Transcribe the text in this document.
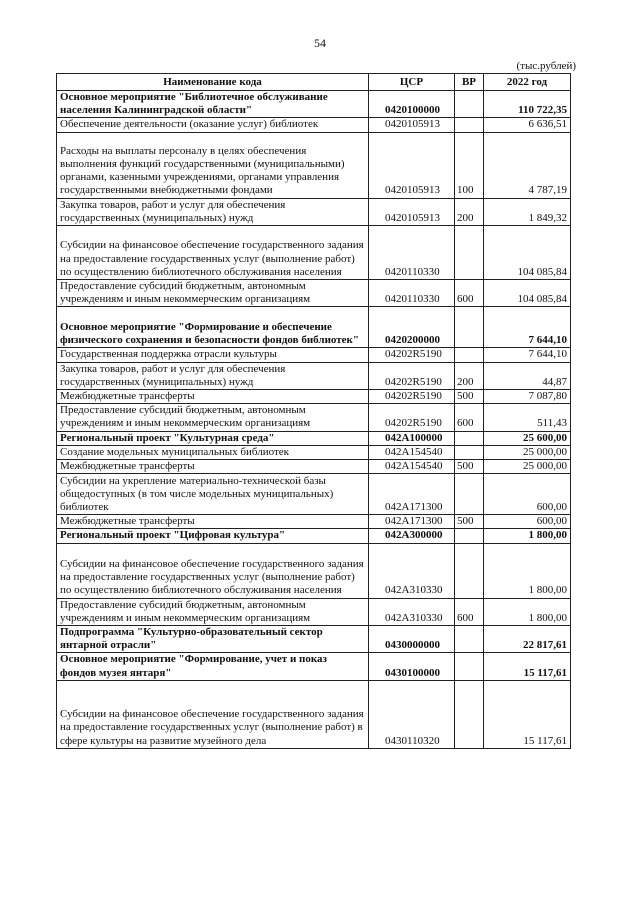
54
(тыс.рублей)
Наименование кода	ЦСР	ВР	2022 год
Основное мероприятие "Библиотечное обслуживание населения Калининградской области"	0420100000		110 722,35
Обеспечение деятельности (оказание услуг) библиотек	0420105913		6 636,51
Расходы на выплаты персоналу в целях обеспечения выполнения функций государственными (муниципальными) органами, казенными учреждениями, органами управления государственными внебюджетными фондами	0420105913	100	4 787,19
Закупка товаров, работ и услуг для обеспечения государственных (муниципальных) нужд	0420105913	200	1 849,32
Субсидии на финансовое обеспечение государственного задания на предоставление государственных услуг (выполнение работ) по осуществлению библиотечного обслуживания населения	0420110330		104 085,84
Предоставление субсидий бюджетным, автономным учреждениям и иным некоммерческим организациям	0420110330	600	104 085,84
Основное мероприятие "Формирование и обеспечение физического сохранения и безопасности фондов библиотек"	0420200000		7 644,10
Государственная поддержка отрасли культуры	04202R5190		7 644,10
Закупка товаров, работ и услуг для обеспечения государственных (муниципальных) нужд	04202R5190	200	44,87
Межбюджетные трансферты	04202R5190	500	7 087,80
Предоставление субсидий бюджетным, автономным учреждениям и иным некоммерческим организациям	04202R5190	600	511,43
Региональный проект "Культурная среда"	042A100000		25 600,00
Создание модельных муниципальных библиотек	042A154540		25 000,00
Межбюджетные трансферты	042A154540	500	25 000,00
Субсидии на укрепление материально-технической базы общедоступных (в том числе модельных муниципальных) библиотек	042A171300		600,00
Межбюджетные трансферты	042A171300	500	600,00
Региональный проект "Цифровая культура"	042A300000		1 800,00
Субсидии на финансовое обеспечение государственного задания на предоставление государственных услуг (выполнение работ) по осуществлению библиотечного обслуживания населения	042A310330		1 800,00
Предоставление субсидий бюджетным, автономным учреждениям и иным некоммерческим организациям	042A310330	600	1 800,00
Подпрограмма "Культурно-образовательный сектор янтарной отрасли"	0430000000		22 817,61
Основное мероприятие "Формирование, учет и показ фондов музея янтаря"	0430100000		15 117,61
Субсидии на финансовое обеспечение государственного задания на предоставление государственных услуг (выполнение работ) в сфере культуры на развитие музейного дела	0430110320		15 117,61
